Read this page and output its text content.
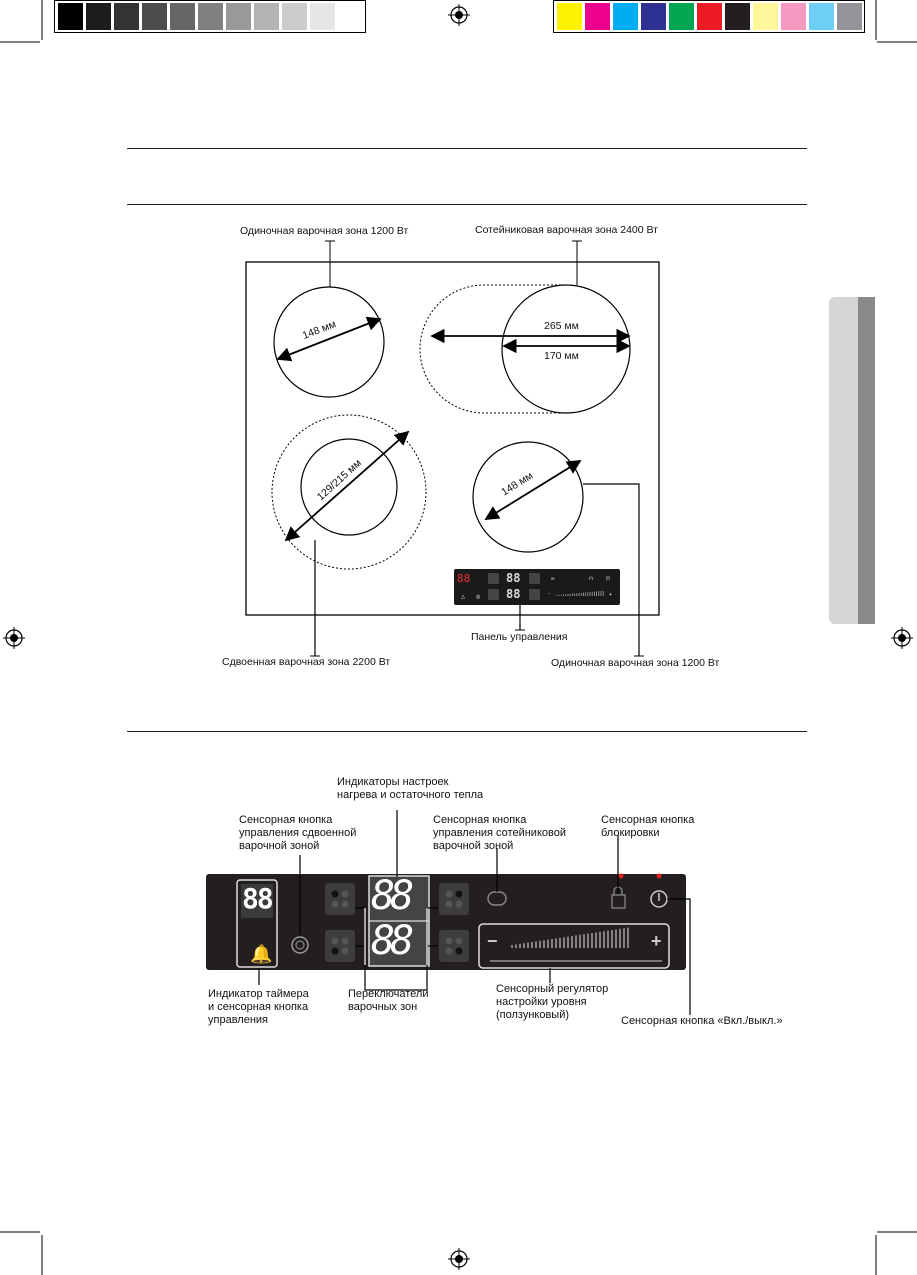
∞	⊓	⏻
△ ◎	-	+
88	88
88
148 мм	265 мм
170 мм
129/215 мм	148 мм
Одиночная варочная зона 1200 Вт	Сотейниковая варочная зона 2400 Вт
Сдвоенная варочная зона 2200 Вт
Панель управления
Одиночная варочная зона 1200 Вт
🔔
88 88
88	−	+
Индикаторы настроек
нагрева и остаточного тепла
Сенсорная кнопка
управления сдвоенной
варочной зоной
Сенсорная кнопка
управления сотейниковой
варочной зоной
Сенсорная кнопка
блокировки
Индикатор таймера
и сенсорная кнопка
управления
Переключатели
варочных зон
Сенсорный регулятор
настройки уровня
(ползунковый)	Сенсорная кнопка «Вкл./выкл.»
